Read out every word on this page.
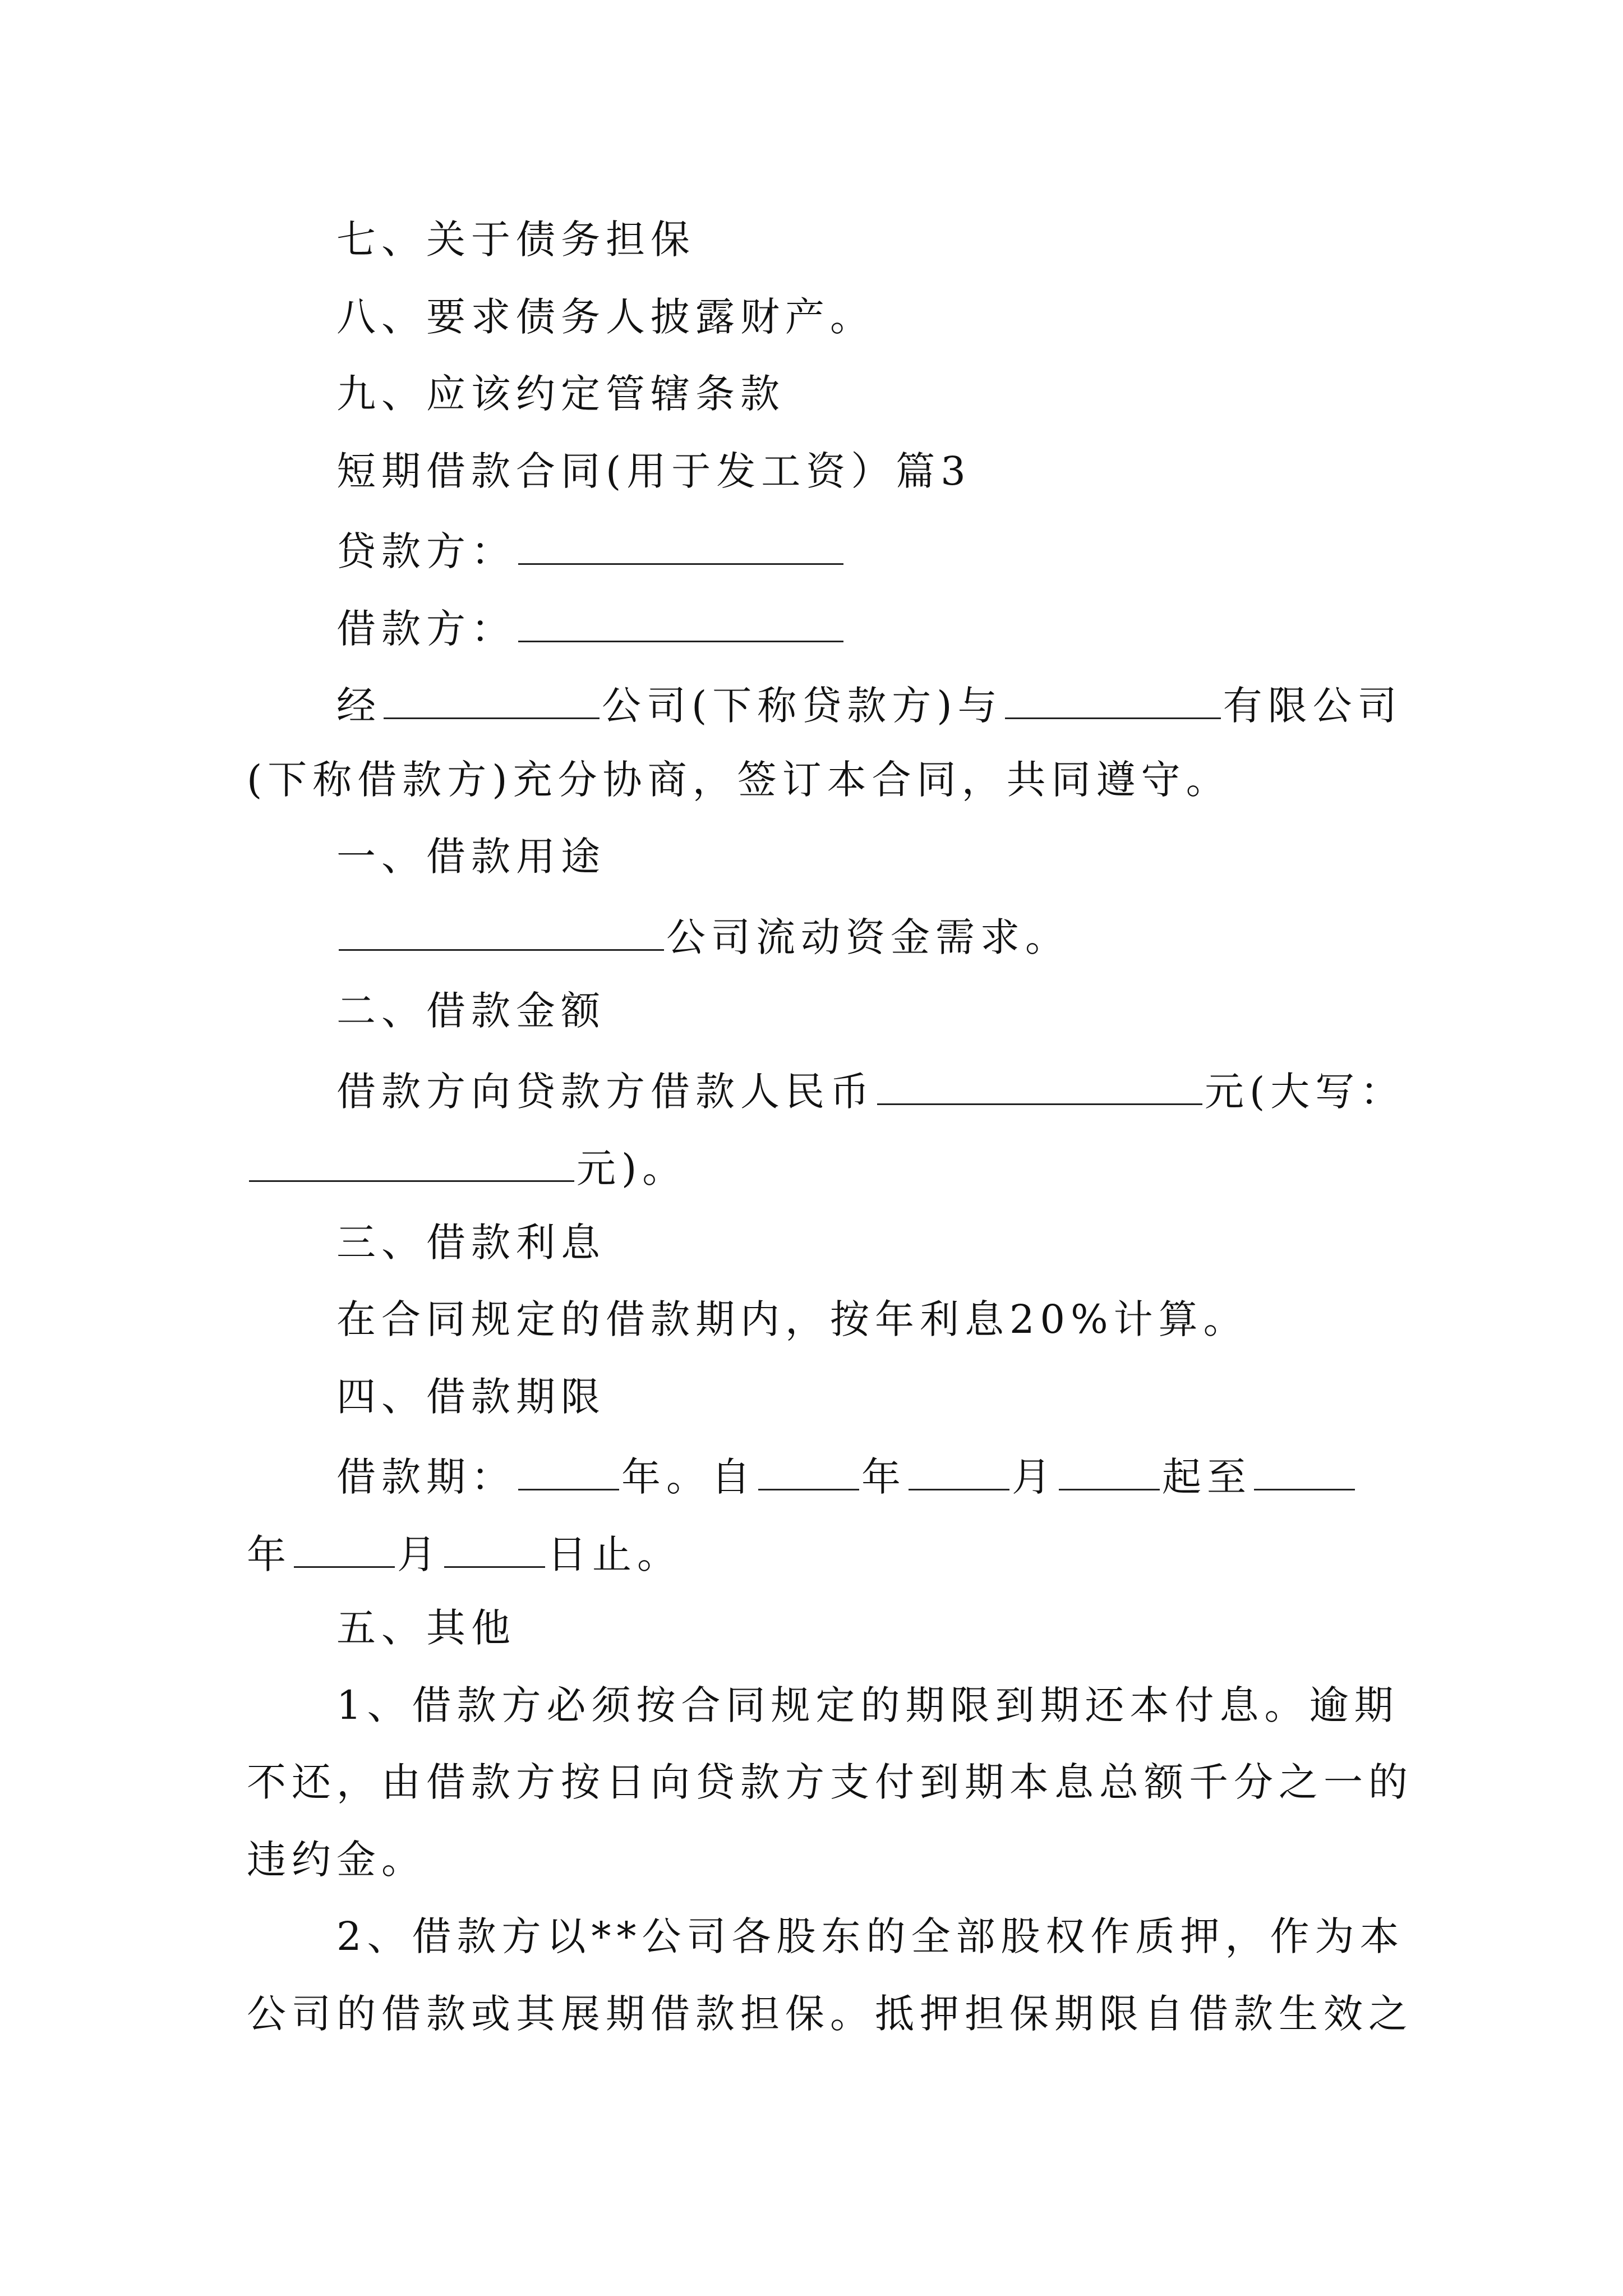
七、关于债务担保
八、要求债务人披露财产。
九、应该约定管辖条款
短期借款合同(用于发工资）篇3
贷款方：
借款方：
经	公司(下称贷款方)与	有限公司
(下称借款方)充分协商，签订本合同，共同遵守。
一、借款用途
公司流动资金需求。
二、借款金额
借款方向贷款方借款人民币	元(大写：
元)。
三、借款利息
在合同规定的借款期内，按年利息20%计算。
四、借款期限
借款期：	年。自	年	月	起至
年	月	日止。
五、其他
1、借款方必须按合同规定的期限到期还本付息。逾期
不还，由借款方按日向贷款方支付到期本息总额千分之一的
违约金。
2、借款方以**公司各股东的全部股权作质押，作为本
公司的借款或其展期借款担保。抵押担保期限自借款生效之
